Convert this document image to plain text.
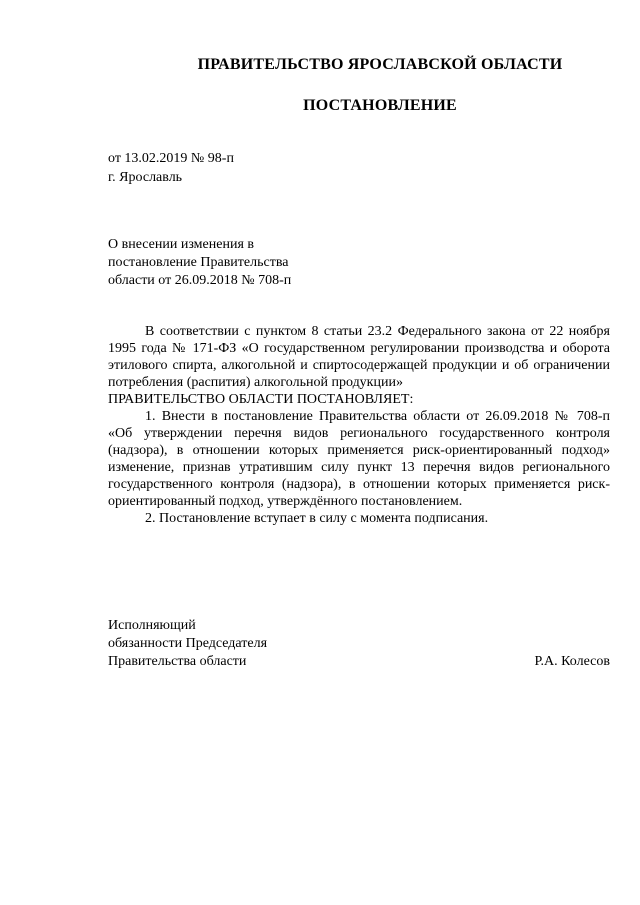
ПРАВИТЕЛЬСТВО ЯРОСЛАВСКОЙ ОБЛАСТИ
ПОСТАНОВЛЕНИЕ
от 13.02.2019 № 98-п
г. Ярославль
О внесении изменения в
постановление Правительства
области от 26.09.2018 № 708-п

В соответствии с пунктом 8 статьи 23.2 Федерального закона от 22 ноября 1995 года № 171-ФЗ «О государственном регулировании производства и оборота этилового спирта, алкогольной и спиртосодержащей продукции и об ограничении потребления (распития) алкогольной продукции»

ПРАВИТЕЛЬСТВО ОБЛАСТИ ПОСТАНОВЛЯЕТ:

1. Внести в постановление Правительства области от 26.09.2018 № 708-п «Об утверждении перечня видов регионального государственного контроля (надзора), в отношении которых применяется риск-ориентированный подход» изменение, признав утратившим силу пункт 13 перечня видов регионального государственного контроля (надзора), в отношении которых применяется риск-ориентированный подход, утверждённого постановлением.

2. Постановление вступает в силу с момента подписания.

Исполняющий
обязанности Председателя
Правительства области	Р.А. Колесов
